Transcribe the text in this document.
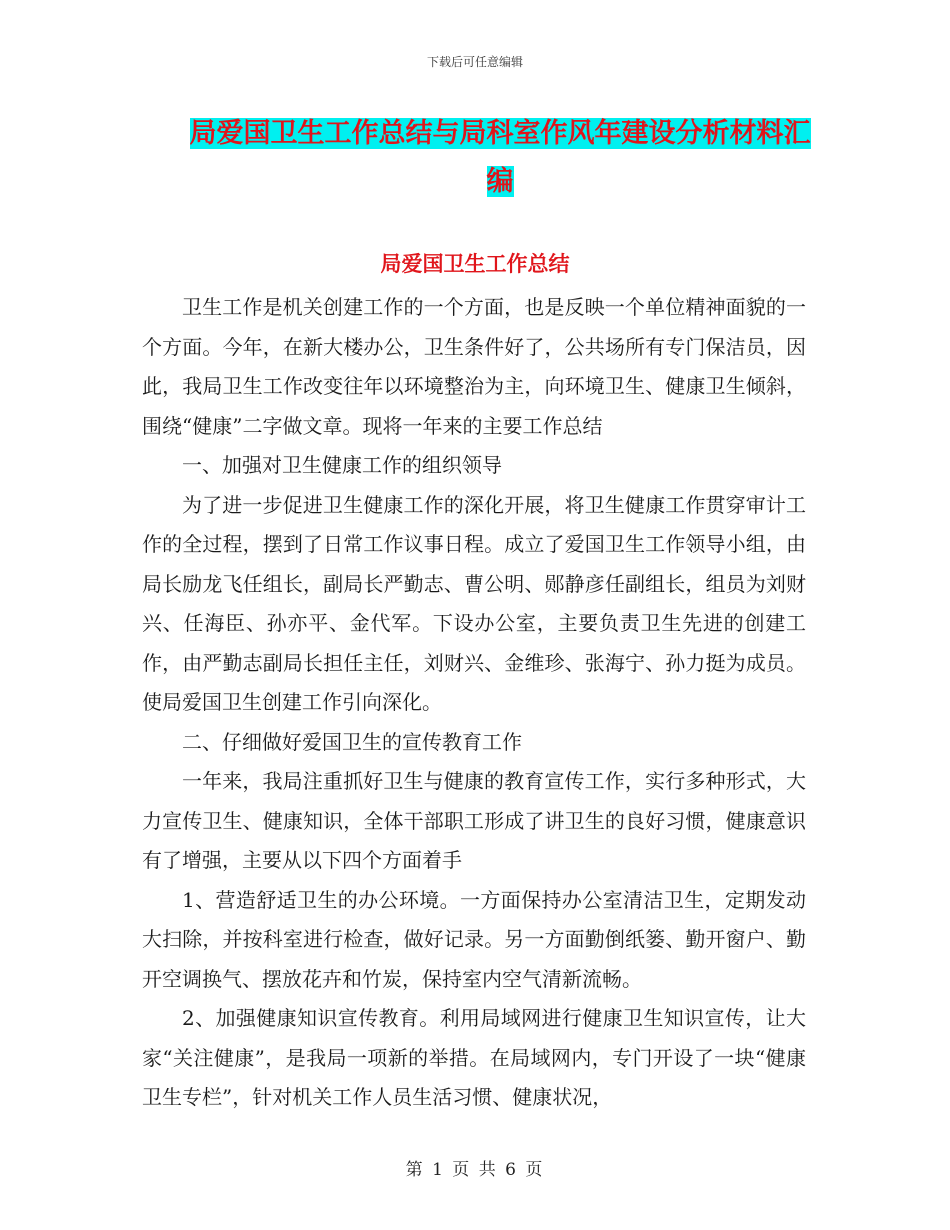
下载后可任意编辑
局爱国卫生工作总结与局科室作风年建设分析材料汇
编
局爱国卫生工作总结

卫生工作是机关创建工作的一个方面，也是反映一个单位精神面貌的一个方面。今年，在新大楼办公，卫生条件好了，公共场所有专门保洁员，因此，我局卫生工作改变往年以环境整治为主，向环境卫生、健康卫生倾斜，围绕“健康”二字做文章。现将一年来的主要工作总结

一、加强对卫生健康工作的组织领导

为了进一步促进卫生健康工作的深化开展，将卫生健康工作贯穿审计工作的全过程，摆到了日常工作议事日程。成立了爱国卫生工作领导小组，由局长励龙飞任组长，副局长严勤志、曹公明、郧静彦任副组长，组员为刘财兴、任海臣、孙亦平、金代军。下设办公室，主要负责卫生先进的创建工作，由严勤志副局长担任主任，刘财兴、金维珍、张海宁、孙力挺为成员。使局爱国卫生创建工作引向深化。

二、仔细做好爱国卫生的宣传教育工作

一年来，我局注重抓好卫生与健康的教育宣传工作，实行多种形式，大力宣传卫生、健康知识，全体干部职工形成了讲卫生的良好习惯，健康意识有了增强，主要从以下四个方面着手

1、营造舒适卫生的办公环境。一方面保持办公室清洁卫生，定期发动大扫除，并按科室进行检查，做好记录。另一方面勤倒纸篓、勤开窗户、勤开空调换气、摆放花卉和竹炭，保持室内空气清新流畅。

2、加强健康知识宣传教育。利用局域网进行健康卫生知识宣传，让大家“关注健康”，是我局一项新的举措。在局域网内，专门开设了一块“健康卫生专栏”，针对机关工作人员生活习惯、健康状况，

第 1 页 共 6 页
